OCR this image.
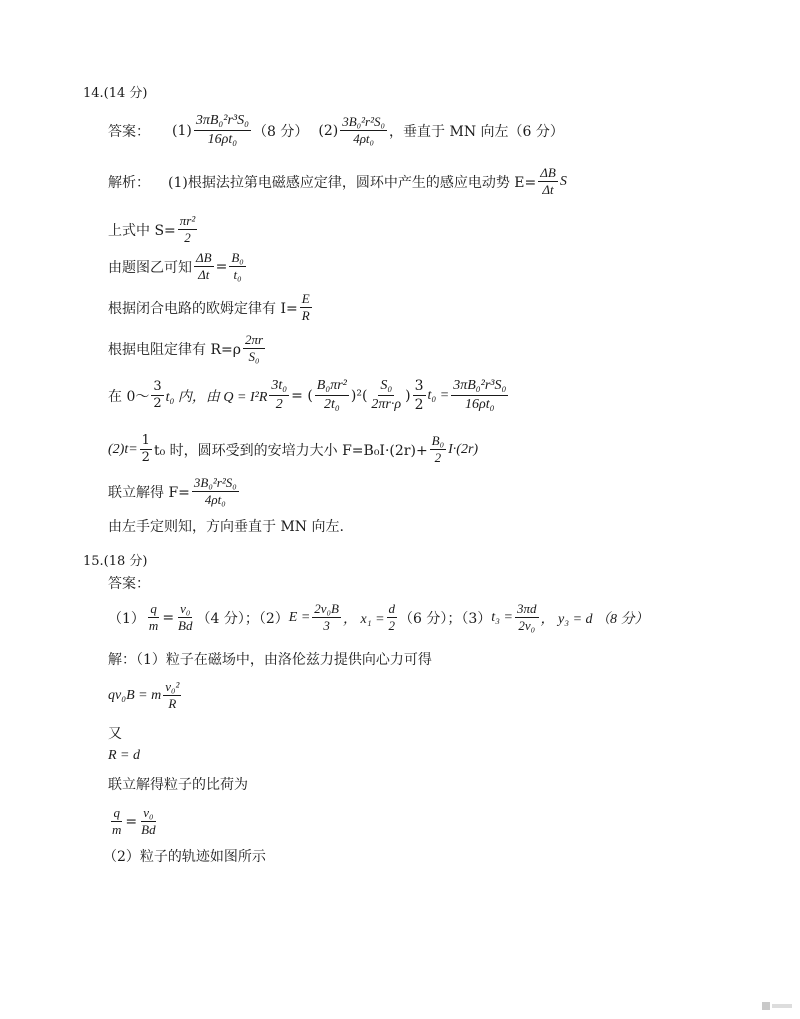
14.(14 分)
答案： $(1) \frac{\text{3πB₀²r³S₀}}{\text{16ρt₀}} (8$ 分） $(2) \frac{\text{3B₀²r²S₀}}{\text{4ρt₀}}$ ，垂直于 MN 向左（6 分）
解析： (1)根据法拉第电磁感应定律，圆环中产生的感应电动势 $E= \frac{\Delta B}{\Delta t}$ S
上式中 $S= \frac{\text{πr²}}{2}$
由题图乙可知 $\frac{\Delta B}{\Delta t} = \frac{\text{B₀}}{\text{t₀}}$
根据闭合电路的欧姆定律有 $I= \frac{E}{R}$
根据电阻定律有 $R=\rho \frac{2\pi r}{\text{S₀}}$
在 0～ $\frac{3}{2} t_0$ 内，由 $Q = I^2R \frac{\text{3t₀}}{2}$ = ( $\frac{\text{B₀πr²}}{\text{2t₀}} )^2( \frac{\text{S₀}}{2\pi r\cdot\rho}$ ) $\frac{3}{2} t_0 = \frac{\text{3πB₀²r³S₀}}{\text{16ρt₀}}$
$(2)t= \frac{1}{2} t_0$ 时，圆环受到的安培力大小 $F=B_0I\cdot(2r)+ \frac{\text{B₀}}{2} I\cdot(2r)$
联立解得 $F= \frac{\text{3B₀²r²S₀}}{\text{4ρt₀}}$
由左手定则知，方向垂直于 MN 向左.
15.(18 分)
答案：
$(1) \frac{q}{m} = \frac{\text{v₀}}{Bd} (4$ 分）；（2） $E = \frac{\text{2v₀B}}{3}$ ， $x_1 = \frac{d}{2} (6$ 分）；（3） $t_3 = \frac{3\pi d}{\text{2v₀}}$ ， y₃ = d （8 分）
解：（1）粒子在磁场中，由洛伦兹力提供向心力可得
qv₀B = m $\frac{\text{v₀²}}{R}$
又
R = d
联立解得粒子的比荷为
$\frac{q}{m} = \frac{\text{v₀}}{Bd}$
（2）粒子的轨迹如图所示
